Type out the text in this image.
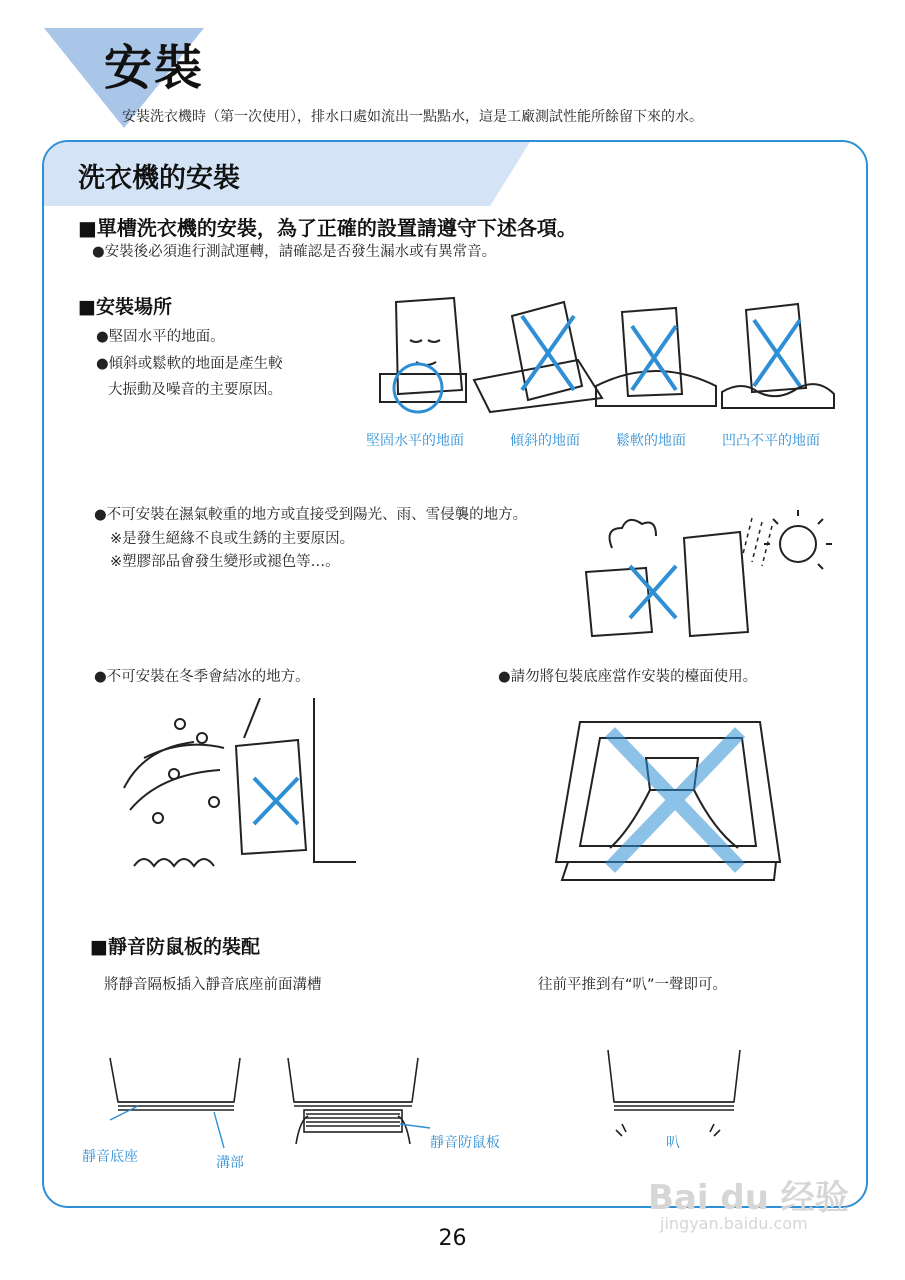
安裝
安裝洗衣機時（第一次使用），排水口處如流出一點點水，這是工廠測試性能所餘留下來的水。
洗衣機的安裝
■單槽洗衣機的安裝，為了正確的設置請遵守下述各項。
●安裝後必須進行測試運轉，請確認是否發生漏水或有異常音。
■安裝場所
●堅固水平的地面。
●傾斜或鬆軟的地面是產生較
大振動及噪音的主要原因。
堅固水平的地面	傾斜的地面	鬆軟的地面	凹凸不平的地面
●不可安裝在濕氣較重的地方或直接受到陽光、雨、雪侵襲的地方。
※是發生絕緣不良或生銹的主要原因。
※塑膠部品會發生變形或褪色等…。
●不可安裝在冬季會結冰的地方。	●請勿將包裝底座當作安裝的檯面使用。
■靜音防鼠板的裝配
將靜音隔板插入靜音底座前面溝槽	往前平推到有“叭”一聲即可。
靜音底座	溝部
靜音防鼠板	叭
Bai du 经验
jingyan.baidu.com
26
